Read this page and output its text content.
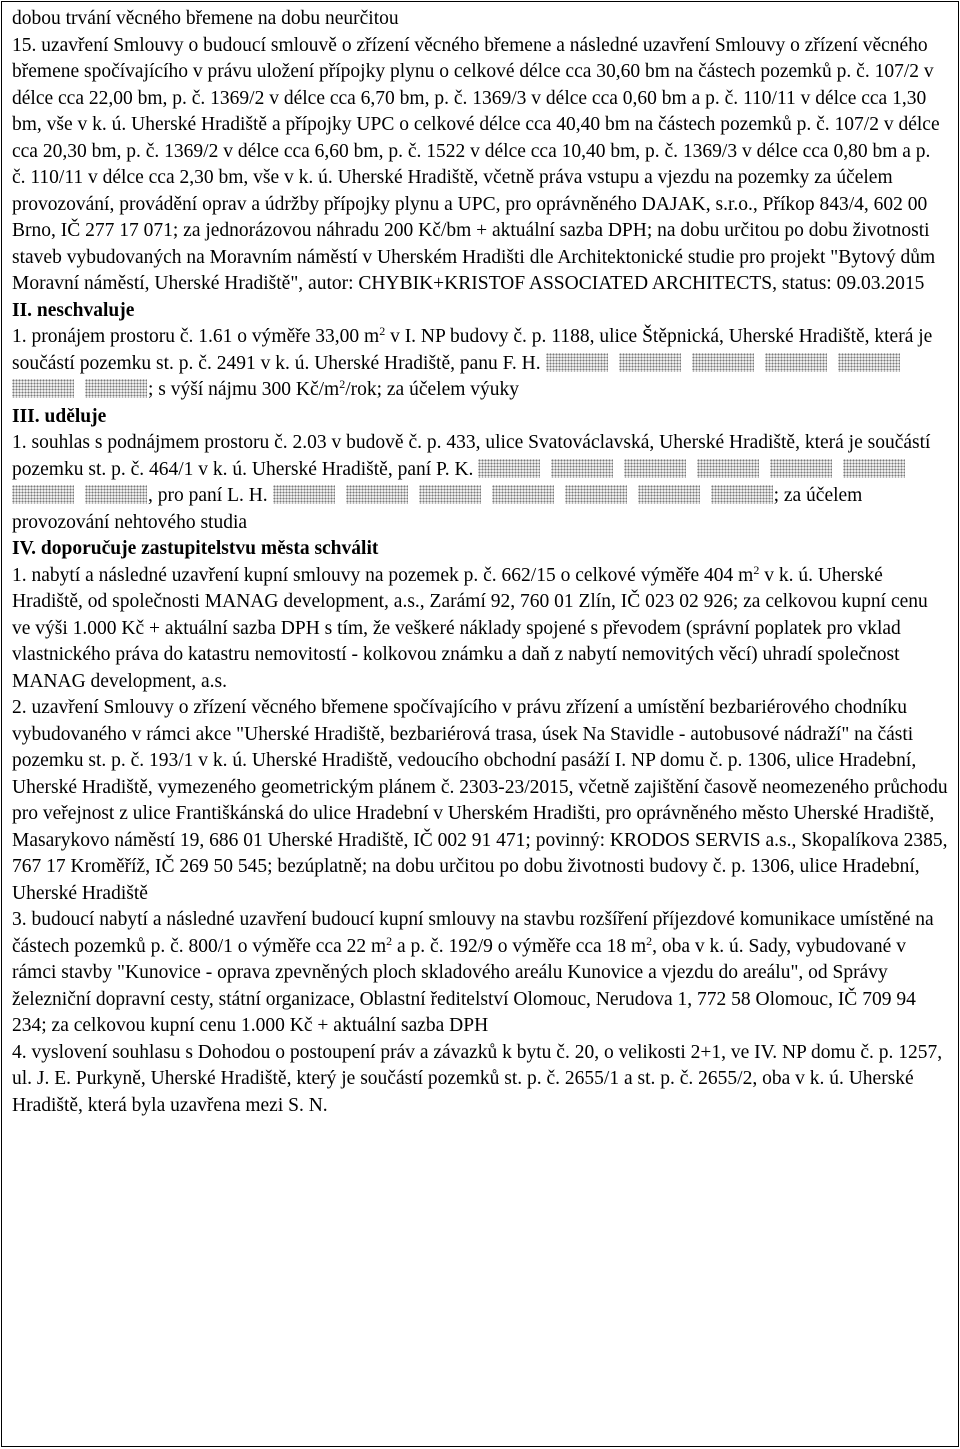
dobou trvání věcného břemene na dobu neurčitou
15. uzavření Smlouvy o budoucí smlouvě o zřízení věcného břemene a následné uzavření Smlouvy o zřízení věcného břemene spočívajícího v právu uložení přípojky plynu o celkové délce cca 30,60 bm na částech pozemků p. č. 107/2 v délce cca 22,00 bm, p. č. 1369/2 v délce cca 6,70 bm, p. č. 1369/3 v délce cca 0,60 bm a p. č. 110/11 v délce cca 1,30 bm, vše v k. ú. Uherské Hradiště a přípojky UPC o celkové délce cca 40,40 bm na částech pozemků p. č. 107/2 v délce cca 20,30 bm, p. č. 1369/2 v délce cca 6,60 bm, p. č. 1522 v délce cca 10,40 bm, p. č. 1369/3 v délce cca 0,80 bm a p. č. 110/11 v délce cca 2,30 bm, vše v k. ú. Uherské Hradiště, včetně práva vstupu a vjezdu na pozemky za účelem provozování, provádění oprav a údržby přípojky plynu a UPC, pro oprávněného DAJAK, s.r.o., Příkop 843/4, 602 00 Brno, IČ 277 17 071; za jednorázovou náhradu 200 Kč/bm + aktuální sazba DPH; na dobu určitou po dobu životnosti staveb vybudovaných na Moravním náměstí v Uherském Hradišti dle Architektonické studie pro projekt "Bytový dům Moravní náměstí, Uherské Hradiště", autor: CHYBIK+KRISTOF ASSOCIATED ARCHITECTS, status: 09.03.2015
II. neschvaluje
1. pronájem prostoru č. 1.61 o výměře 33,00 $m^2$ v I. NP budovy č. p. 1188, ulice Štěpnická, Uherské Hradiště, která je součástí pozemku st. p. č. 2491 v k. ú. Uherské Hradiště, panu F. H. ; s výší nájmu 300 $Kč/m^2$/rok; za účelem výuky
III. uděluje
1. souhlas s podnájmem prostoru č. 2.03 v budově č. p. 433, ulice Svatováclavská, Uherské Hradiště, která je součástí pozemku st. p. č. 464/1 v k. ú. Uherské Hradiště, paní P. K. , pro paní L. H.	; za účelem provozování nehtového studia
IV. doporučuje zastupitelstvu města schválit
1. nabytí a následné uzavření kupní smlouvy na pozemek p. č. 662/15 o celkové výměře 404 $m^2$ v k. ú. Uherské Hradiště, od společnosti MANAG development, a.s., Zarámí 92, 760 01 Zlín, IČ 023 02 926; za celkovou kupní cenu ve výši 1.000 Kč + aktuální sazba DPH s tím, že veškeré náklady spojené s převodem (správní poplatek pro vklad vlastnického práva do katastru nemovitostí - kolkovou známku a daň z nabytí nemovitých věcí) uhradí společnost MANAG development, a.s.
2. uzavření Smlouvy o zřízení věcného břemene spočívajícího v právu zřízení a umístění bezbariérového chodníku vybudovaného v rámci akce "Uherské Hradiště, bezbariérová trasa, úsek Na Stavidle - autobusové nádraží" na části pozemku st. p. č. 193/1 v k. ú. Uherské Hradiště, vedoucího obchodní pasáží I. NP domu č. p. 1306, ulice Hradební, Uherské Hradiště, vymezeného geometrickým plánem č. 2303-23/2015, včetně zajištění časově neomezeného průchodu pro veřejnost z ulice Františkánská do ulice Hradební v Uherském Hradišti, pro oprávněného město Uherské Hradiště, Masarykovo náměstí 19, 686 01 Uherské Hradiště, IČ 002 91 471; povinný: KRODOS SERVIS a.s., Skopalíkova 2385, 767 17 Kroměříž, IČ 269 50 545; bezúplatně; na dobu určitou po dobu životnosti budovy č. p. 1306, ulice Hradební, Uherské Hradiště
3. budoucí nabytí a následné uzavření budoucí kupní smlouvy na stavbu rozšíření příjezdové komunikace umístěné na částech pozemků p. č. 800/1 o výměře cca 22 $m^2$ a p. č. 192/9 o výměře cca 18 $m^2$, oba v k. ú. Sady, vybudované v rámci stavby "Kunovice - oprava zpevněných ploch skladového areálu Kunovice a vjezdu do areálu", od Správy železniční dopravní cesty, státní organizace, Oblastní ředitelství Olomouc, Nerudova 1, 772 58 Olomouc, IČ 709 94 234; za celkovou kupní cenu 1.000 Kč + aktuální sazba DPH
4. vyslovení souhlasu s Dohodou o postoupení práv a závazků k bytu č. 20, o velikosti 2+1, ve IV. NP domu č. p. 1257, ul. J. E. Purkyně, Uherské Hradiště, který je součástí pozemků st. p. č. 2655/1 a st. p. č. 2655/2, oba v k. ú. Uherské Hradiště, která byla uzavřena mezi S. N.
